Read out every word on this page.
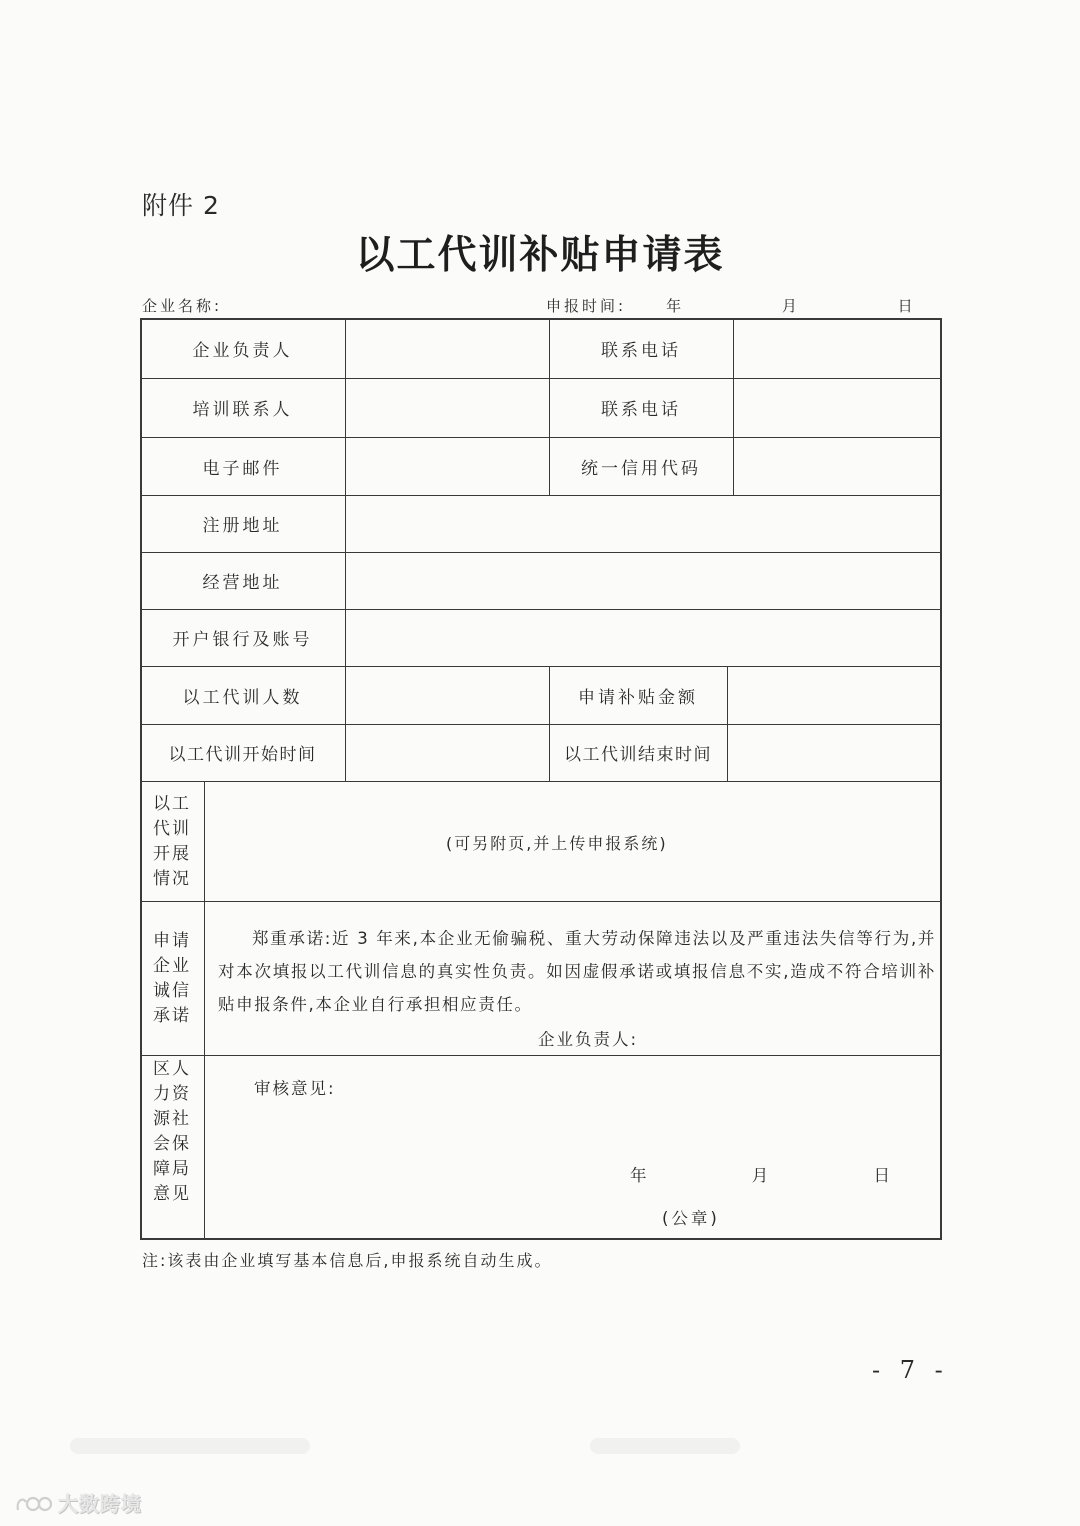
附件 2
以工代训补贴申请表
企业名称:	申报时间:	年 月 日
企业负责人	联系电话
培训联系人	联系电话
电子邮件	统一信用代码
注册地址
经营地址
开户银行及账号
以工代训人数	申请补贴金额
以工代训开始时间	以工代训结束时间
以工代训开展情况
(可另附页,并上传申报系统)
申请企业诚信承诺
郑重承诺:近 3 年来,本企业无偷骗税、重大劳动保障违法以及严重违法失信等行为,并对本次填报以工代训信息的真实性负责。如因虚假承诺或填报信息不实,造成不符合培训补贴申报条件,本企业自行承担相应责任。
企业负责人:
区人力资源社会保障局意见
审核意见:
年 月 日
(公章)
注:该表由企业填写基本信息后,申报系统自动生成。
- 7 -
大数跨境
